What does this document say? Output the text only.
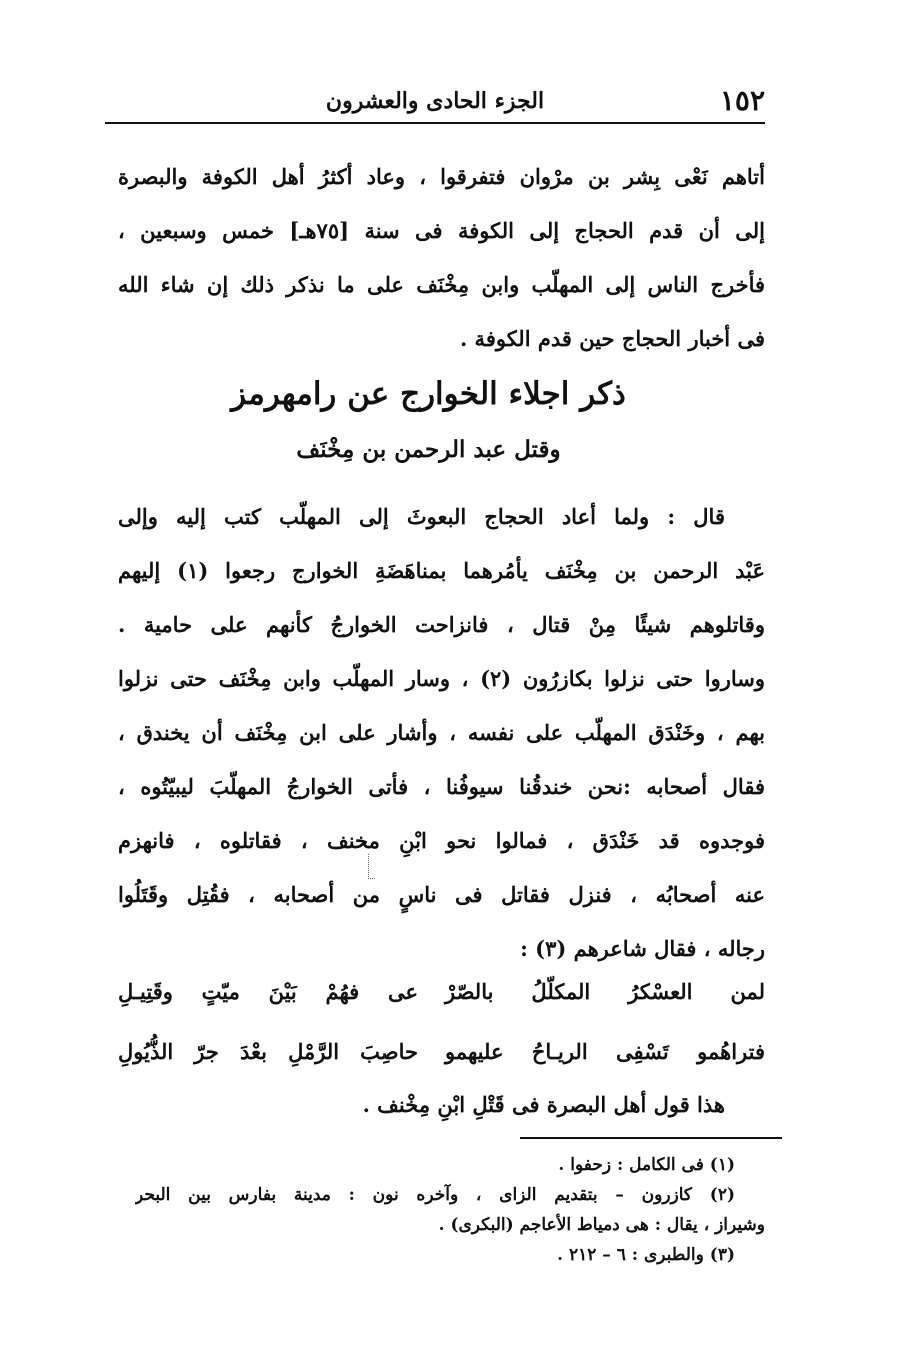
١٥٢
الجزء الحادى والعشرون
أتاهم نَعْى بِشر بن مرْوان فتفرقوا ، وعاد أكثرُ أهل الكوفة والبصرة
إلى أن قدم الحجاج إلى الكوفة فى سنة [٧٥هـ] خمس وسبعين ،
فأخرج الناس إلى المهلّب وابن مِخْنَف على ما نذكر ذلك إن شاء الله
فى أخبار الحجاج حين قدم الكوفة .
ذكر اجلاء الخوارج عن رامهرمز
وقتل عبد الرحمن بن مِخْنَف
قال : ولما أعاد الحجاج البعوثَ إلى المهلّب كتب إليه وإلى
عَبْد الرحمن بن مِخْنَف يأمُرهما بمناهَضَةِ الخوارج رجعوا (١) إليهم
وقاتلوهم شيئًا مِنْ قتال ، فانزاحت الخوارجُ كأنهم على حامية .
وساروا حتى نزلوا بكازرُون (٢) ، وسار المهلّب وابن مِخْنَف حتى نزلوا
بهم ، وخَنْدَق المهلّب على نفسه ، وأشار على ابن مِخْنَف أن يخندق ،
فقال أصحابه :نحن خندقُنا سيوفُنا ، فأتى الخوارجُ المهلّبَ ليبيّتُوه ،
فوجدوه قد خَنْدَق ، فمالوا نحو ابْنِ مخنف ، فقاتلوه ، فانهزم
عنه أصحابُه ، فنزل فقاتل فى ناسٍ من أصحابه ، فقُتِل وقَتَلُوا
رجاله ، فقال شاعرهم (٣) :
لمن العسْكرُ المكلّلُ بالصّرْ
عى فهُمْ بَيْنَ ميّتٍ وقَتِيـلِ
فتراهُمو تَسْفِى الريـاحُ عليهمو
حاصِبَ الرَّمْلِ بعْدَ جرّ الذُّيُولِ
هذا قول أهل البصرة فى قَتْلِ ابْنِ مِخْنف .
(١) فى الكامل : زحفوا .
(٢) كازرون – بتقديم الزاى ، وآخره نون : مدينة بفارس بين البحر
وشيراز ، يقال : هى دمياط الأعاجم (البكرى) .
(٣) والطبرى : ٦ – ٢١٢ .
